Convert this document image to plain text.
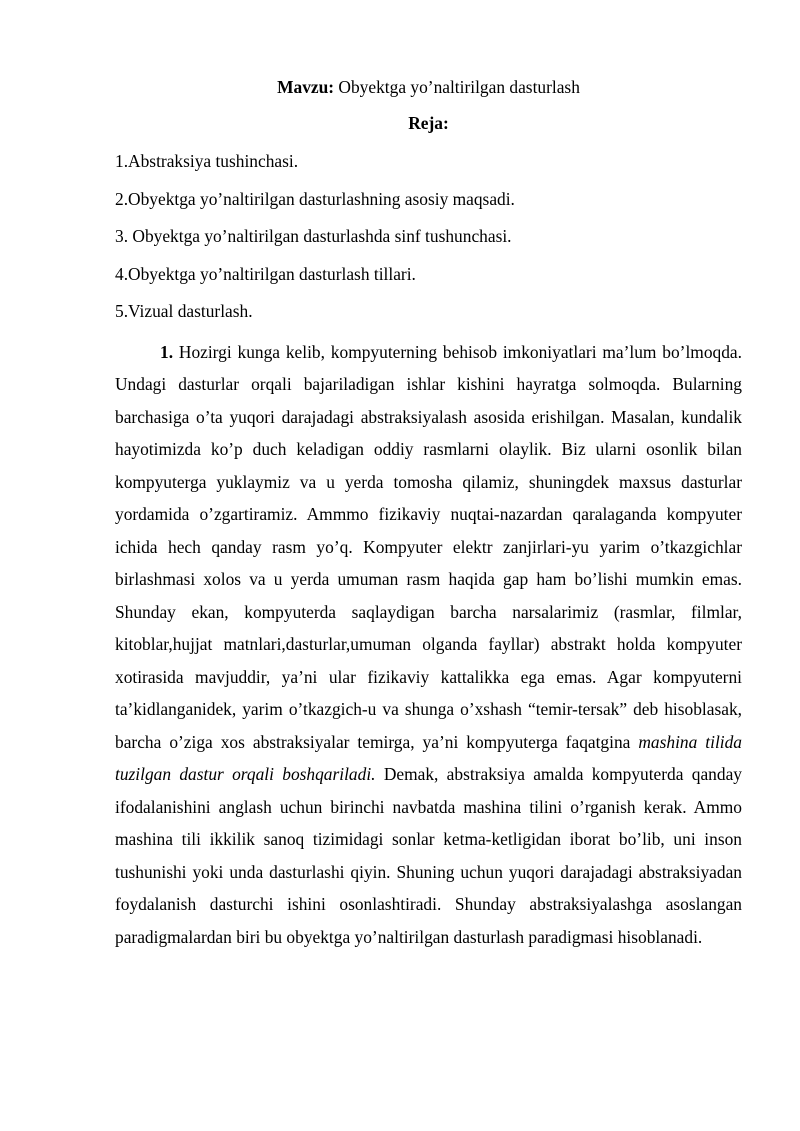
Mavzu: Obyektga yo’naltirilgan dasturlash

Reja:

1.Abstraksiya tushinchasi.

2.Obyektga yo’naltirilgan dasturlashning asosiy maqsadi.

3. Obyektga yo’naltirilgan dasturlashda sinf tushunchasi.

4.Obyektga yo’naltirilgan dasturlash tillari.

5.Vizual dasturlash.

1. Hozirgi kunga kelib, kompyuterning behisob imkoniyatlari ma’lum bo’lmoqda. Undagi dasturlar orqali bajariladigan ishlar kishini hayratga solmoqda. Bularning barchasiga o’ta yuqori darajadagi abstraksiyalash asosida erishilgan. Masalan, kundalik hayotimizda ko’p duch keladigan oddiy rasmlarni olaylik. Biz ularni osonlik bilan kompyuterga yuklaymiz va u yerda tomosha qilamiz, shuningdek maxsus dasturlar yordamida o’zgartiramiz. Ammmo fizikaviy nuqtai-nazardan qaralaganda kompyuter ichida hech qanday rasm yo’q. Kompyuter elektr zanjirlari-yu yarim o’tkazgichlar birlashmasi xolos va u yerda umuman rasm haqida gap ham bo’lishi mumkin emas. Shunday ekan, kompyuterda saqlaydigan barcha narsalarimiz (rasmlar, filmlar, kitoblar,hujjat matnlari,dasturlar,umuman olganda fayllar) abstrakt holda kompyuter xotirasida mavjuddir, ya’ni ular fizikaviy kattalikka ega emas. Agar kompyuterni ta’kidlanganidek, yarim o’tkazgich-u va shunga o’xshash “temir-tersak” deb hisoblasak, barcha o’ziga xos abstraksiyalar temirga, ya’ni kompyuterga faqatgina mashina tilida tuzilgan dastur orqali boshqariladi. Demak, abstraksiya amalda kompyuterda qanday ifodalanishini anglash uchun birinchi navbatda mashina tilini o’rganish kerak. Ammo mashina tili ikkilik sanoq tizimidagi sonlar ketma-ketligidan iborat bo’lib, uni inson tushunishi yoki unda dasturlashi qiyin. Shuning uchun yuqori darajadagi abstraksiyadan foydalanish dasturchi ishini osonlashtiradi. Shunday abstraksiyalashga asoslangan paradigmalardan biri bu obyektga yo’naltirilgan dasturlash paradigmasi hisoblanadi.
